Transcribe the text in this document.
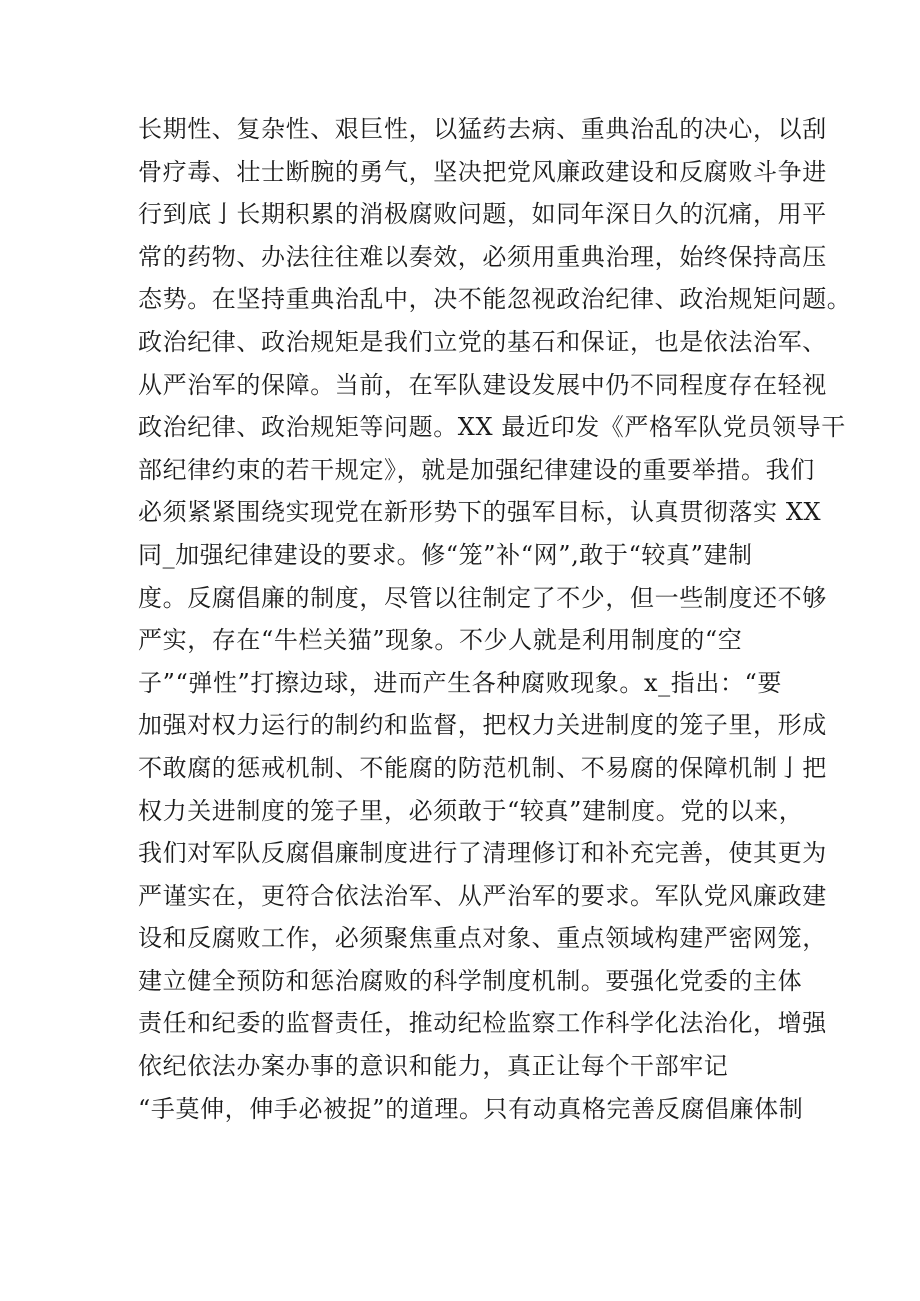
长期性、复杂性、艰巨性，以猛药去病、重典治乱的决心，以刮
骨疗毒、壮士断腕的勇气，坚决把党风廉政建设和反腐败斗争进
行到底亅长期积累的消极腐败问题，如同年深日久的沉痛，用平
常的药物、办法往往难以奏效，必须用重典治理，始终保持高压
态势。在坚持重典治乱中，决不能忽视政治纪律、政治规矩问题。
政治纪律、政治规矩是我们立党的基石和保证，也是依法治军、
从严治军的保障。当前，在军队建设发展中仍不同程度存在轻视
政治纪律、政治规矩等问题。XX 最近印发《严格军队党员领导干
部纪律约束的若干规定》，就是加强纪律建设的重要举措。我们
必须紧紧围绕实现党在新形势下的强军目标，认真贯彻落实 XX
同_加强纪律建设的要求。修“笼”补“网”,敢于“较真”建制
度。反腐倡廉的制度，尽管以往制定了不少，但一些制度还不够
严实，存在“牛栏关猫”现象。不少人就是利用制度的“空
子”“弹性”打擦边球，进而产生各种腐败现象。x_指出：“要
加强对权力运行的制约和监督，把权力关进制度的笼子里，形成
不敢腐的惩戒机制、不能腐的防范机制、不易腐的保障机制亅把
权力关进制度的笼子里，必须敢于“较真”建制度。党的以来，
我们对军队反腐倡廉制度进行了清理修订和补充完善，使其更为
严谨实在，更符合依法治军、从严治军的要求。军队党风廉政建
设和反腐败工作，必须聚焦重点对象、重点领域构建严密网笼，
建立健全预防和惩治腐败的科学制度机制。要强化党委的主体
责任和纪委的监督责任，推动纪检监察工作科学化法治化，增强
依纪依法办案办事的意识和能力，真正让每个干部牢记
“手莫伸，伸手必被捉”的道理。只有动真格完善反腐倡廉体制
